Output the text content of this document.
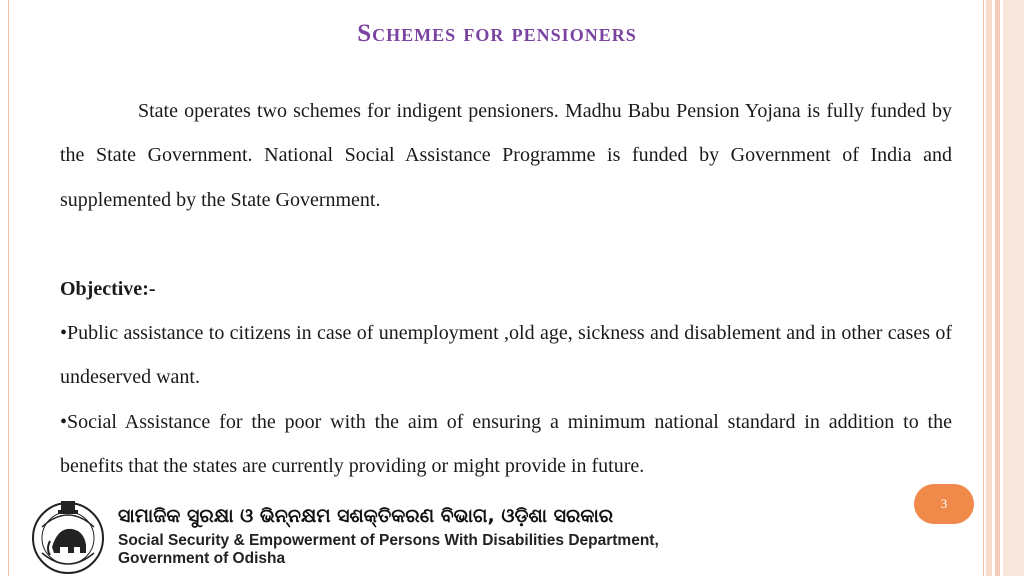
Schemes for pensioners

State operates two schemes for indigent pensioners. Madhu Babu Pension Yojana is fully funded by the State Government. National Social Assistance Programme is funded by Government of India and supplemented by the State Government.

Objective:-

•Public assistance to citizens in case of unemployment ,old age, sickness and disablement and in other cases of undeserved want.

•Social Assistance for the poor with the aim of ensuring a minimum national standard in addition to the benefits that the states are currently providing or might provide in future.

3
ସାମାଜିକ ସୁରକ୍ଷା ଓ ଭିନ୍ନକ୍ଷମ ସଶକ୍ତିକରଣ ବିଭାଗ, ଓଡ଼ିଶା ସରକାର
Social Security & Empowerment of Persons With Disabilities Department,
Government of Odisha
